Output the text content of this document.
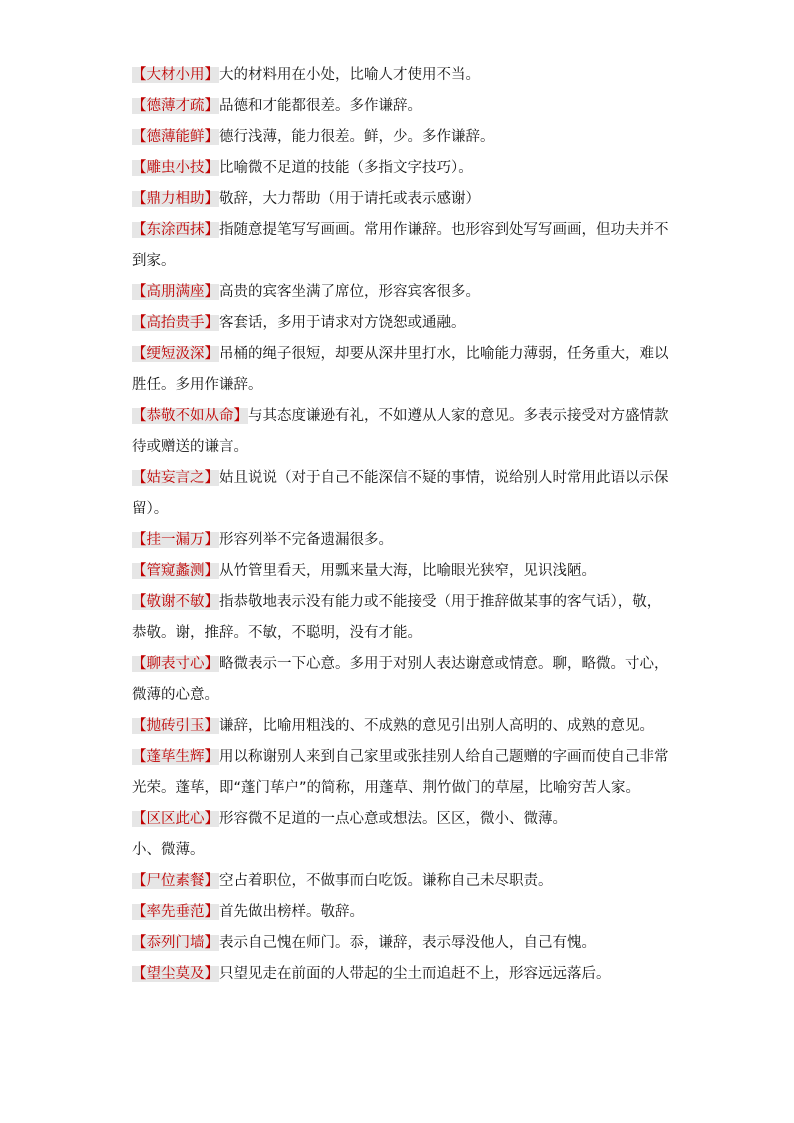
【大材小用】大的材料用在小处，比喻人才使用不当。

【德薄才疏】品德和才能都很差。多作谦辞。

【德薄能鲜】德行浅薄，能力很差。鲜，少。多作谦辞。

【雕虫小技】比喻微不足道的技能（多指文字技巧）。

【鼎力相助】敬辞，大力帮助（用于请托或表示感谢）

【东涂西抹】指随意提笔写写画画。常用作谦辞。也形容到处写写画画，但功夫并不到家。

【高朋满座】高贵的宾客坐满了席位，形容宾客很多。

【高抬贵手】客套话，多用于请求对方饶恕或通融。

【绠短汲深】吊桶的绳子很短，却要从深井里打水，比喻能力薄弱，任务重大，难以胜任。多用作谦辞。

【恭敬不如从命】与其态度谦逊有礼，不如遵从人家的意见。多表示接受对方盛情款待或赠送的谦言。

【姑妄言之】姑且说说（对于自己不能深信不疑的事情，说给别人时常用此语以示保留）。

【挂一漏万】形容列举不完备遗漏很多。

【管窥蠡测】从竹管里看天，用瓢来量大海，比喻眼光狭窄，见识浅陋。

【敬谢不敏】指恭敬地表示没有能力或不能接受（用于推辞做某事的客气话），敬，恭敬。谢，推辞。不敏，不聪明，没有才能。

【聊表寸心】略微表示一下心意。多用于对别人表达谢意或情意。聊，略微。寸心，微薄的心意。

【抛砖引玉】谦辞，比喻用粗浅的、不成熟的意见引出别人高明的、成熟的意见。

【蓬荜生辉】用以称谢别人来到自己家里或张挂别人给自己题赠的字画而使自己非常光荣。蓬荜，即“蓬门荜户”的简称，用蓬草、荆竹做门的草屋，比喻穷苦人家。

【区区此心】形容微不足道的一点心意或想法。区区，微小、微薄。

小、微薄。

【尸位素餐】空占着职位，不做事而白吃饭。谦称自己未尽职责。

【率先垂范】首先做出榜样。敬辞。

【忝列门墙】表示自己愧在师门。忝，谦辞，表示辱没他人，自己有愧。

【望尘莫及】只望见走在前面的人带起的尘土而追赶不上，形容远远落后。
